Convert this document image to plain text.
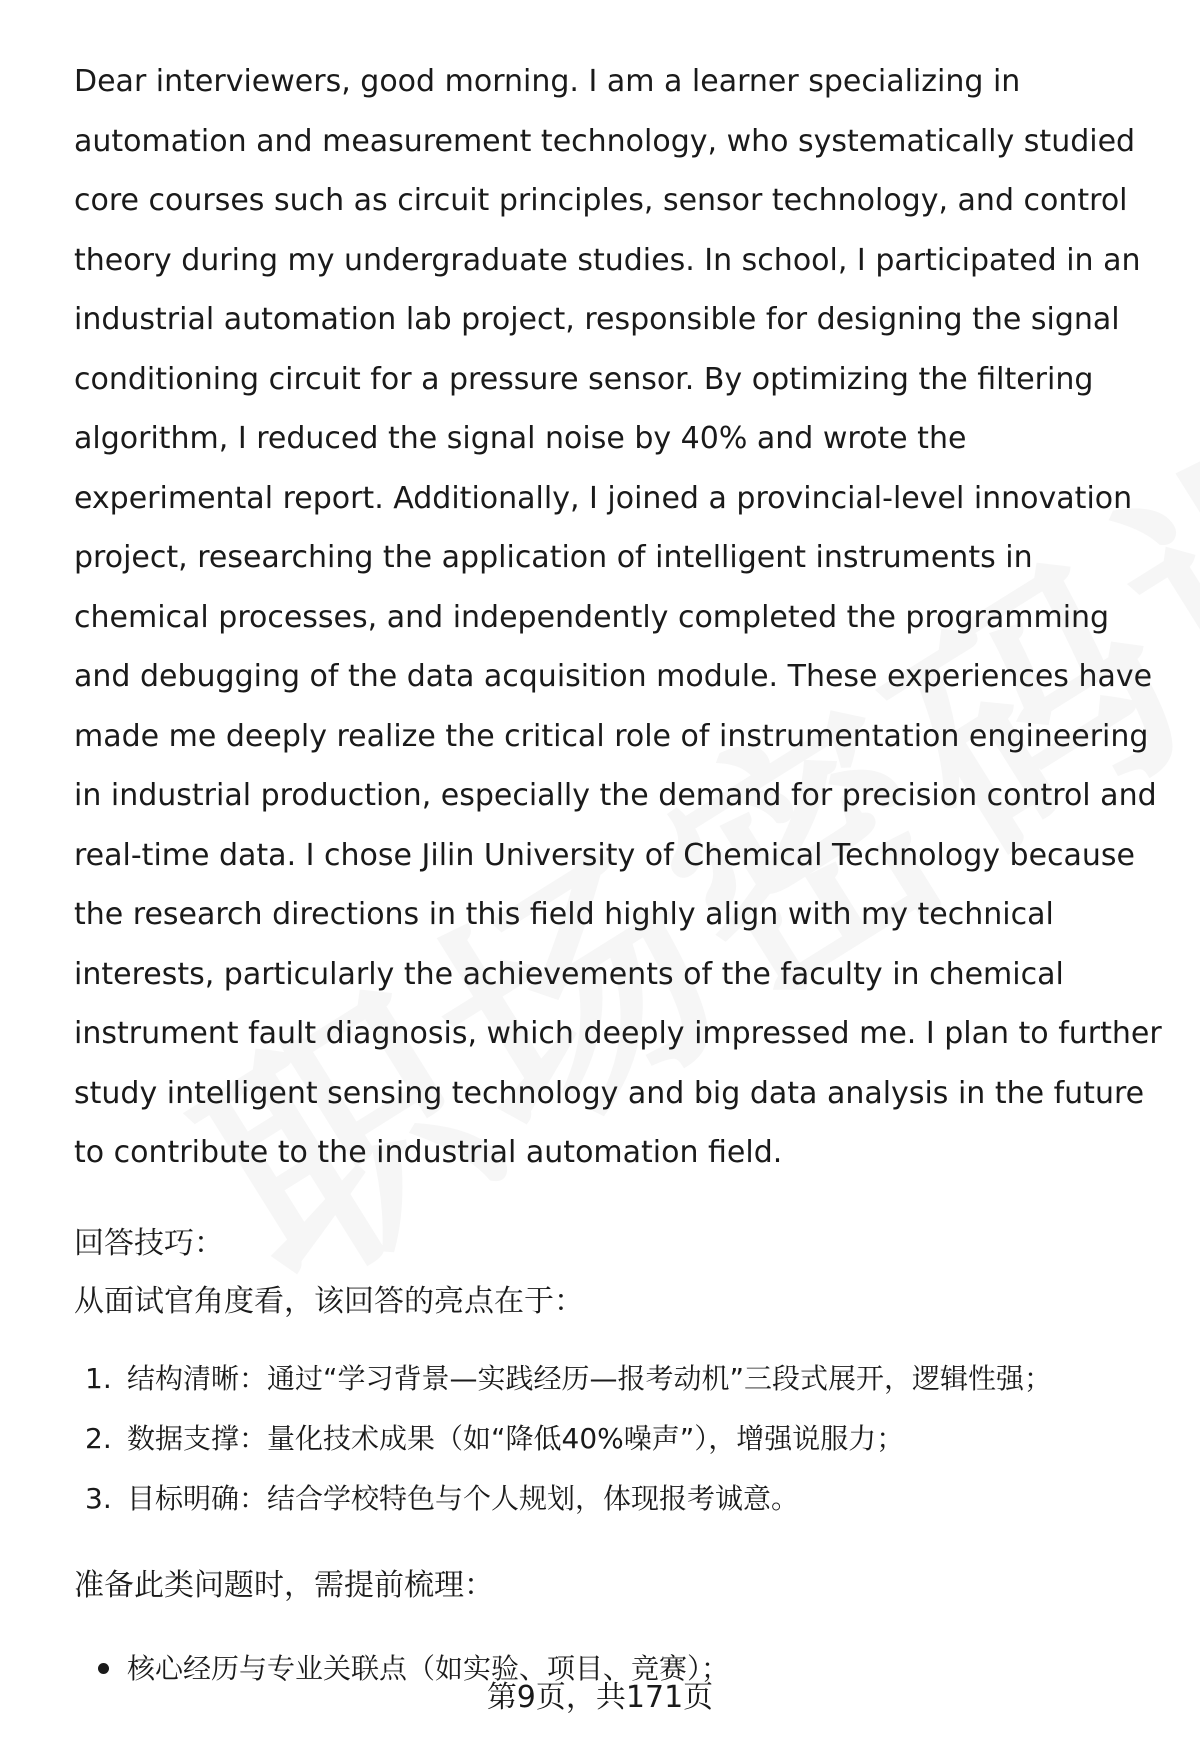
Dear interviewers, good morning. I am a learner specializing in automation and measurement technology, who systematically studied core courses such as circuit principles, sensor technology, and control theory during my undergraduate studies. In school, I participated in an industrial automation lab project, responsible for designing the signal conditioning circuit for a pressure sensor. By optimizing the filtering algorithm, I reduced the signal noise by 40% and wrote the experimental report. Additionally, I joined a provincial-level innovation project, researching the application of intelligent instruments in chemical processes, and independently completed the programming and debugging of the data acquisition module. These experiences have made me deeply realize the critical role of instrumentation engineering in industrial production, especially the demand for precision control and real-time data. I chose Jilin University of Chemical Technology because the research directions in this field highly align with my technical interests, particularly the achievements of the faculty in chemical instrument fault diagnosis, which deeply impressed me. I plan to further study intelligent sensing technology and big data analysis in the future to contribute to the industrial automation field.

回答技巧：

从面试官角度看，该回答的亮点在于：

1. 结构清晰：通过“学习背景—实践经历—报考动机”三段式展开，逻辑性强；
2. 数据支撑：量化技术成果（如“降低40%噪声”），增强说服力；
3. 目标明确：结合学校特色与个人规划，体现报考诚意。

准备此类问题时，需提前梳理：

核心经历与专业关联点（如实验、项目、竞赛）；
第9页，共171页
